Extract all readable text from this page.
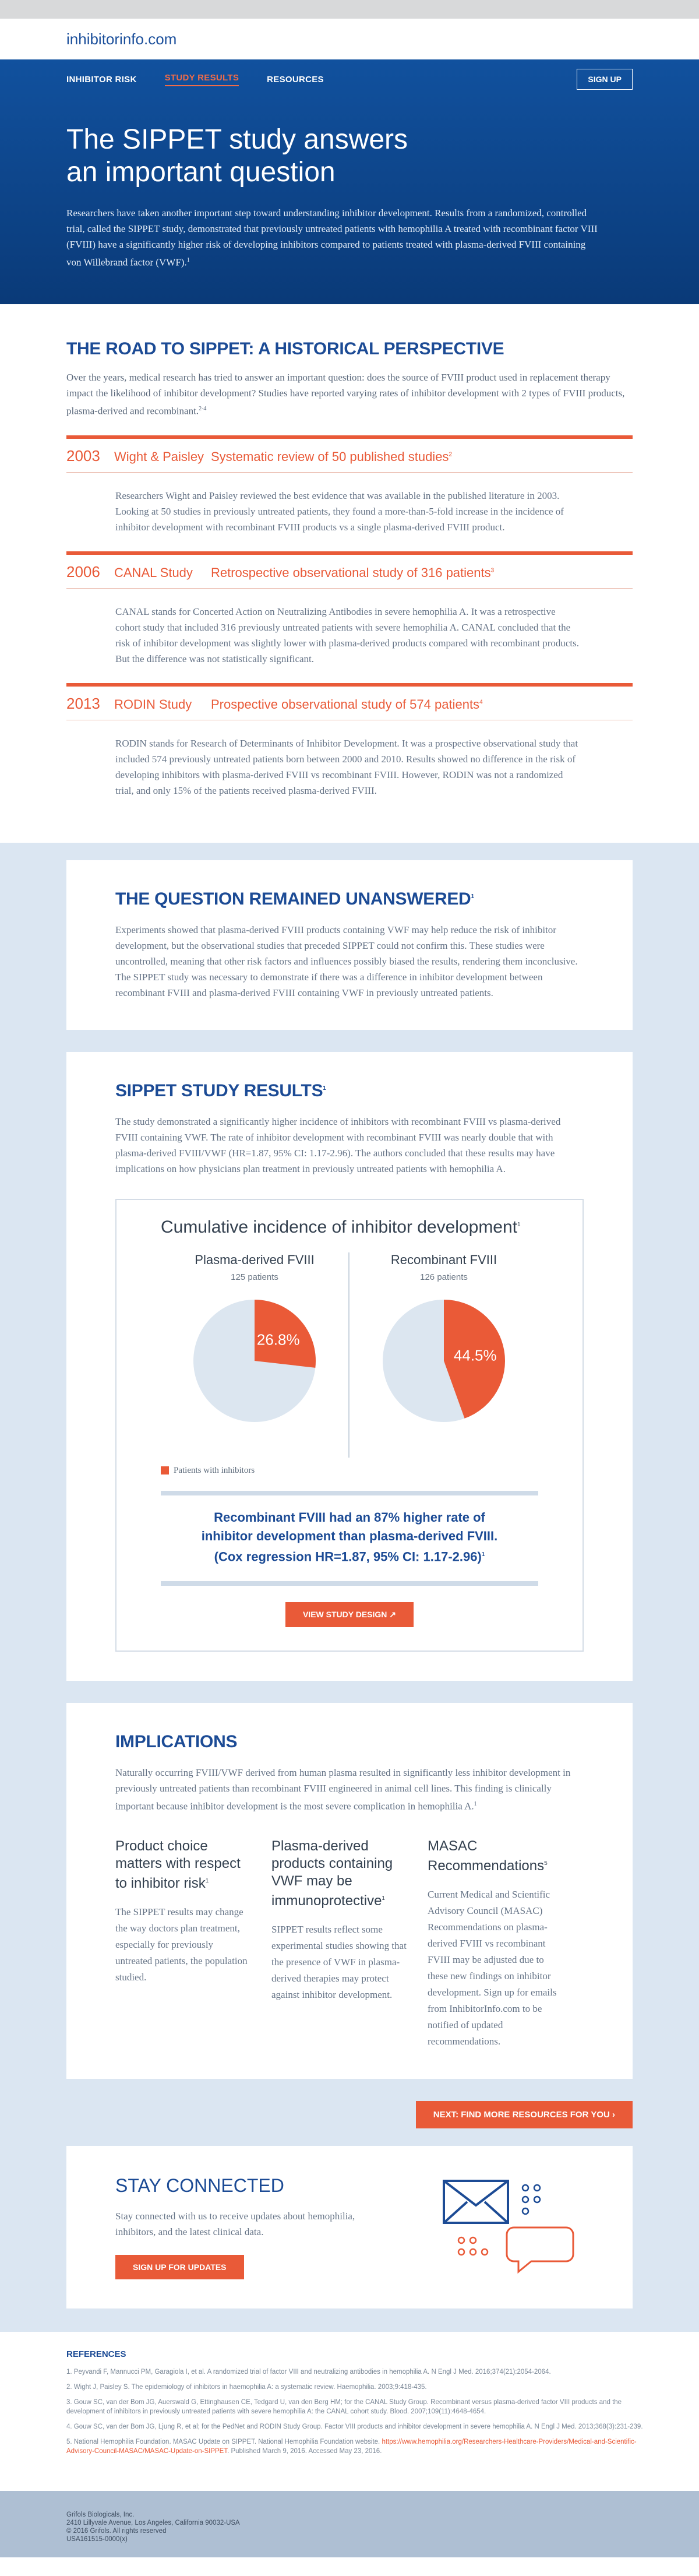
inhibitorinfo.com
INHIBITOR RISK	STUDY RESULTS	RESOURCES	SIGN UP
The SIPPET study answers an important question

Researchers have taken another important step toward understanding inhibitor development. Results from a randomized, controlled trial, called the SIPPET study, demonstrated that previously untreated patients with hemophilia A treated with recombinant factor VIII (FVIII) have a significantly higher risk of developing inhibitors compared to patients treated with plasma-derived FVIII containing von Willebrand factor (VWF).$^1$

THE ROAD TO SIPPET: A HISTORICAL PERSPECTIVE

Over the years, medical research has tried to answer an important question: does the source of FVIII product used in replacement therapy impact the likelihood of inhibitor development? Studies have reported varying rates of inhibitor development with 2 types of FVIII products, plasma-derived and recombinant.$^{2-4}$

2003	Wight & Paisley Systematic review of 50 published studies$^2$

Researchers Wight and Paisley reviewed the best evidence that was available in the published literature in 2003. Looking at 50 studies in previously untreated patients, they found a more-than-5-fold increase in the incidence of inhibitor development with recombinant FVIII products vs a single plasma-derived FVIII product.

2006	CANAL Study	Retrospective observational study of 316 patients$^3$

CANAL stands for Concerted Action on Neutralizing Antibodies in severe hemophilia A. It was a retrospective cohort study that included 316 previously untreated patients with severe hemophilia A. CANAL concluded that the risk of inhibitor development was slightly lower with plasma-derived products compared with recombinant products. But the difference was not statistically significant.

2013	RODIN Study	Prospective observational study of 574 patients$^4$

RODIN stands for Research of Determinants of Inhibitor Development. It was a prospective observational study that included 574 previously untreated patients born between 2000 and 2010. Results showed no difference in the risk of developing inhibitors with plasma-derived FVIII vs recombinant FVIII. However, RODIN was not a randomized trial, and only 15% of the patients received plasma-derived FVIII.

THE QUESTION REMAINED UNANSWERED$^1$

Experiments showed that plasma-derived FVIII products containing VWF may help reduce the risk of inhibitor development, but the observational studies that preceded SIPPET could not confirm this. These studies were uncontrolled, meaning that other risk factors and influences possibly biased the results, rendering them inconclusive. The SIPPET study was necessary to demonstrate if there was a difference in inhibitor development between recombinant FVIII and plasma-derived FVIII containing VWF in previously untreated patients.

SIPPET STUDY RESULTS$^1$

The study demonstrated a significantly higher incidence of inhibitors with recombinant FVIII vs plasma-derived FVIII containing VWF. The rate of inhibitor development with recombinant FVIII was nearly double that with plasma-derived FVIII/VWF (HR=1.87, 95% CI: 1.17-2.96). The authors concluded that these results may have implications on how physicians plan treatment in previously untreated patients with hemophilia A.

Cumulative incidence of inhibitor development$^1$
Plasma-derived FVIII
125 patients
26.8%
Recombinant FVIII
126 patients
44.5%
Patients with inhibitors
Recombinant FVIII had an 87% higher rate of inhibitor development than plasma-derived FVIII. (Cox regression HR=1.87, 95% CI: 1.17-2.96)$^1$
VIEW STUDY DESIGN ↗
IMPLICATIONS

Naturally occurring FVIII/VWF derived from human plasma resulted in significantly less inhibitor development in previously untreated patients than recombinant FVIII engineered in animal cell lines. This finding is clinically important because inhibitor development is the most severe complication in hemophilia A.$^1$

Product choice matters with respect to inhibitor risk$^1$

The SIPPET results may change the way doctors plan treatment, especially for previously untreated patients, the population studied.

Plasma-derived products containing VWF may be immunoprotective$^1$

SIPPET results reflect some experimental studies showing that the presence of VWF in plasma-derived therapies may protect against inhibitor development.

MASAC Recommendations$^5$

Current Medical and Scientific Advisory Council (MASAC) Recommendations on plasma-derived FVIII vs recombinant FVIII may be adjusted due to these new findings on inhibitor development. Sign up for emails from InhibitorInfo.com to be notified of updated recommendations.

NEXT: FIND MORE RESOURCES FOR YOU ›
STAY CONNECTED

Stay connected with us to receive updates about hemophilia, inhibitors, and the latest clinical data.

SIGN UP FOR UPDATES
REFERENCES
1. Peyvandi F, Mannucci PM, Garagiola I, et al. A randomized trial of factor VIII and neutralizing antibodies in hemophilia A. N Engl J Med. 2016;374(21):2054-2064.
2. Wight J, Paisley S. The epidemiology of inhibitors in haemophilia A: a systematic review. Haemophilia. 2003;9:418-435.
3. Gouw SC, van der Bom JG, Auerswald G, Ettinghausen CE, Tedgard U, van den Berg HM; for the CANAL Study Group. Recombinant versus plasma-derived factor VIII products and the development of inhibitors in previously untreated patients with severe hemophilia A: the CANAL cohort study. Blood. 2007;109(11):4648-4654.
4. Gouw SC, van der Bom JG, Ljung R, et al; for the PedNet and RODIN Study Group. Factor VIII products and inhibitor development in severe hemophilia A. N Engl J Med. 2013;368(3):231-239.
5. National Hemophilia Foundation. MASAC Update on SIPPET. National Hemophilia Foundation website. https://www.hemophilia.org/Researchers-Healthcare-Providers/Medical-and-Scientific-Advisory-Council-MASAC/MASAC-Update-on-SIPPET. Published March 9, 2016. Accessed May 23, 2016.
Grifols Biologicals, Inc.
2410 Lillyvale Avenue, Los Angeles, California 90032-USA
© 2016 Grifols. All rights reserved
USA161515-0000(x)
